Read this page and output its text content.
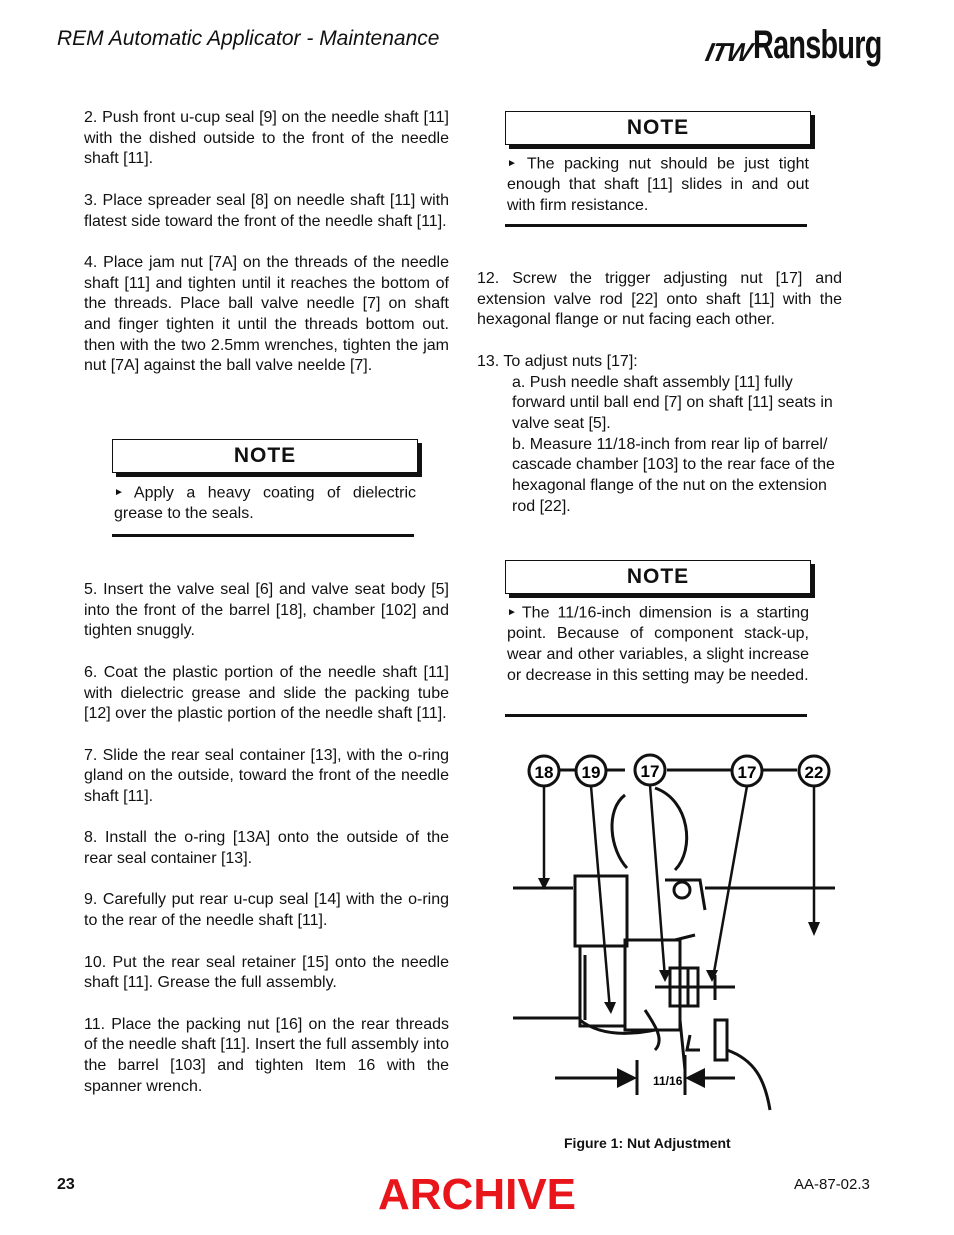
REM Automatic Applicator - Maintenance	ITW
Ransburg

2. Push front u-cup seal [9] on the needle shaft [11] with the dished outside to the front of the needle shaft [11].

3. Place spreader seal [8] on needle shaft [11] with flatest side toward the front of the needle shaft [11].

4. Place jam nut [7A] on the threads of the needle shaft [11] and tighten until it reaches the bottom of the threads. Place ball valve needle [7] on shaft and finger tighten it until the threads bottom out. then with the two 2.5mm wrenches, tighten the jam nut [7A] against the ball valve neelde [7].

NOTE
► Apply a heavy coating of dielectric grease to the seals.

5. Insert the valve seal [6] and valve seat body [5] into the front of the barrel [18], chamber [102] and tighten snuggly.

6. Coat the plastic portion of the needle shaft [11] with dielectric grease and slide the packing tube [12] over the plastic portion of the needle shaft [11].

7. Slide the rear seal container [13], with the o-ring gland on the outside, toward the front of the needle shaft [11].

8. Install the o-ring [13A] onto the outside of the rear seal container [13].

9. Carefully put rear u-cup seal [14] with the o-ring to the rear of the needle shaft [11].

10. Put the rear seal retainer [15] onto the needle shaft [11]. Grease the full assembly.

11. Place the packing nut [16] on the rear threads of the needle shaft [11]. Insert the full assembly into the barrel [103] and tighten Item 16 with the spanner wrench.

NOTE
► The packing nut should be just tight enough that shaft [11] slides in and out with firm resistance.

12. Screw the trigger adjusting nut [17] and extension valve rod [22] onto shaft [11] with the hexagonal flange or nut facing each other.

13. To adjust nuts [17]:

a. Push needle shaft assembly [11] fully forward until ball end [7] on shaft [11] seats in valve seat [5].

b. Measure 11/18-inch from rear lip of barrel/ cascade chamber [103] to the rear face of the hexagonal flange of the nut on the extension rod [22].

NOTE
► The 11/16-inch dimension is a starting point. Because of component stack-up, wear and other variables, a slight increase or decrease in this setting may be needed.
18 19 17	17	22
11/16
Figure 1: Nut Adjustment
23	ARCHIVE	AA-87-02.3
